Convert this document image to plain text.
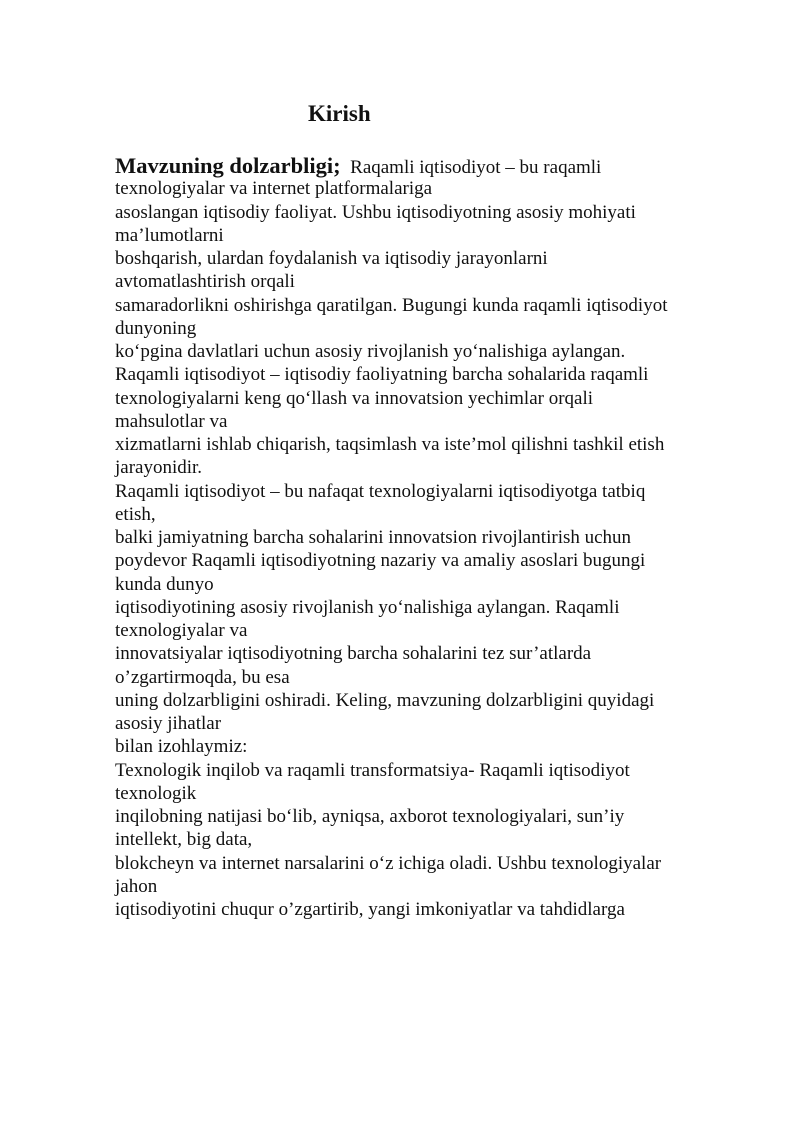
Kirish
Mavzuning dolzarbligi; Raqamli iqtisodiyot – bu raqamli
texnologiyalar va internet platformalariga
asoslangan iqtisodiy faoliyat. Ushbu iqtisodiyotning asosiy mohiyati
ma’lumotlarni
boshqarish, ulardan foydalanish va iqtisodiy jarayonlarni
avtomatlashtirish orqali
samaradorlikni oshirishga qaratilgan. Bugungi kunda raqamli iqtisodiyot
dunyoning
ko‘pgina davlatlari uchun asosiy rivojlanish yo‘nalishiga aylangan.
Raqamli iqtisodiyot – iqtisodiy faoliyatning barcha sohalarida raqamli
texnologiyalarni keng qo‘llash va innovatsion yechimlar orqali
mahsulotlar va
xizmatlarni ishlab chiqarish, taqsimlash va iste’mol qilishni tashkil etish
jarayonidir.
Raqamli iqtisodiyot – bu nafaqat texnologiyalarni iqtisodiyotga tatbiq
etish,
balki jamiyatning barcha sohalarini innovatsion rivojlantirish uchun
poydevor Raqamli iqtisodiyotning nazariy va amaliy asoslari bugungi
kunda dunyo
iqtisodiyotining asosiy rivojlanish yo‘nalishiga aylangan. Raqamli
texnologiyalar va
innovatsiyalar iqtisodiyotning barcha sohalarini tez sur’atlarda
o’zgartirmoqda, bu esa
uning dolzarbligini oshiradi. Keling, mavzuning dolzarbligini quyidagi
asosiy jihatlar
bilan izohlaymiz:
Texnologik inqilob va raqamli transformatsiya- Raqamli iqtisodiyot
texnologik
inqilobning natijasi bo‘lib, ayniqsa, axborot texnologiyalari, sun’iy
intellekt, big data,
blokcheyn va internet narsalarini o‘z ichiga oladi. Ushbu texnologiyalar
jahon
iqtisodiyotini chuqur o’zgartirib, yangi imkoniyatlar va tahdidlarga
